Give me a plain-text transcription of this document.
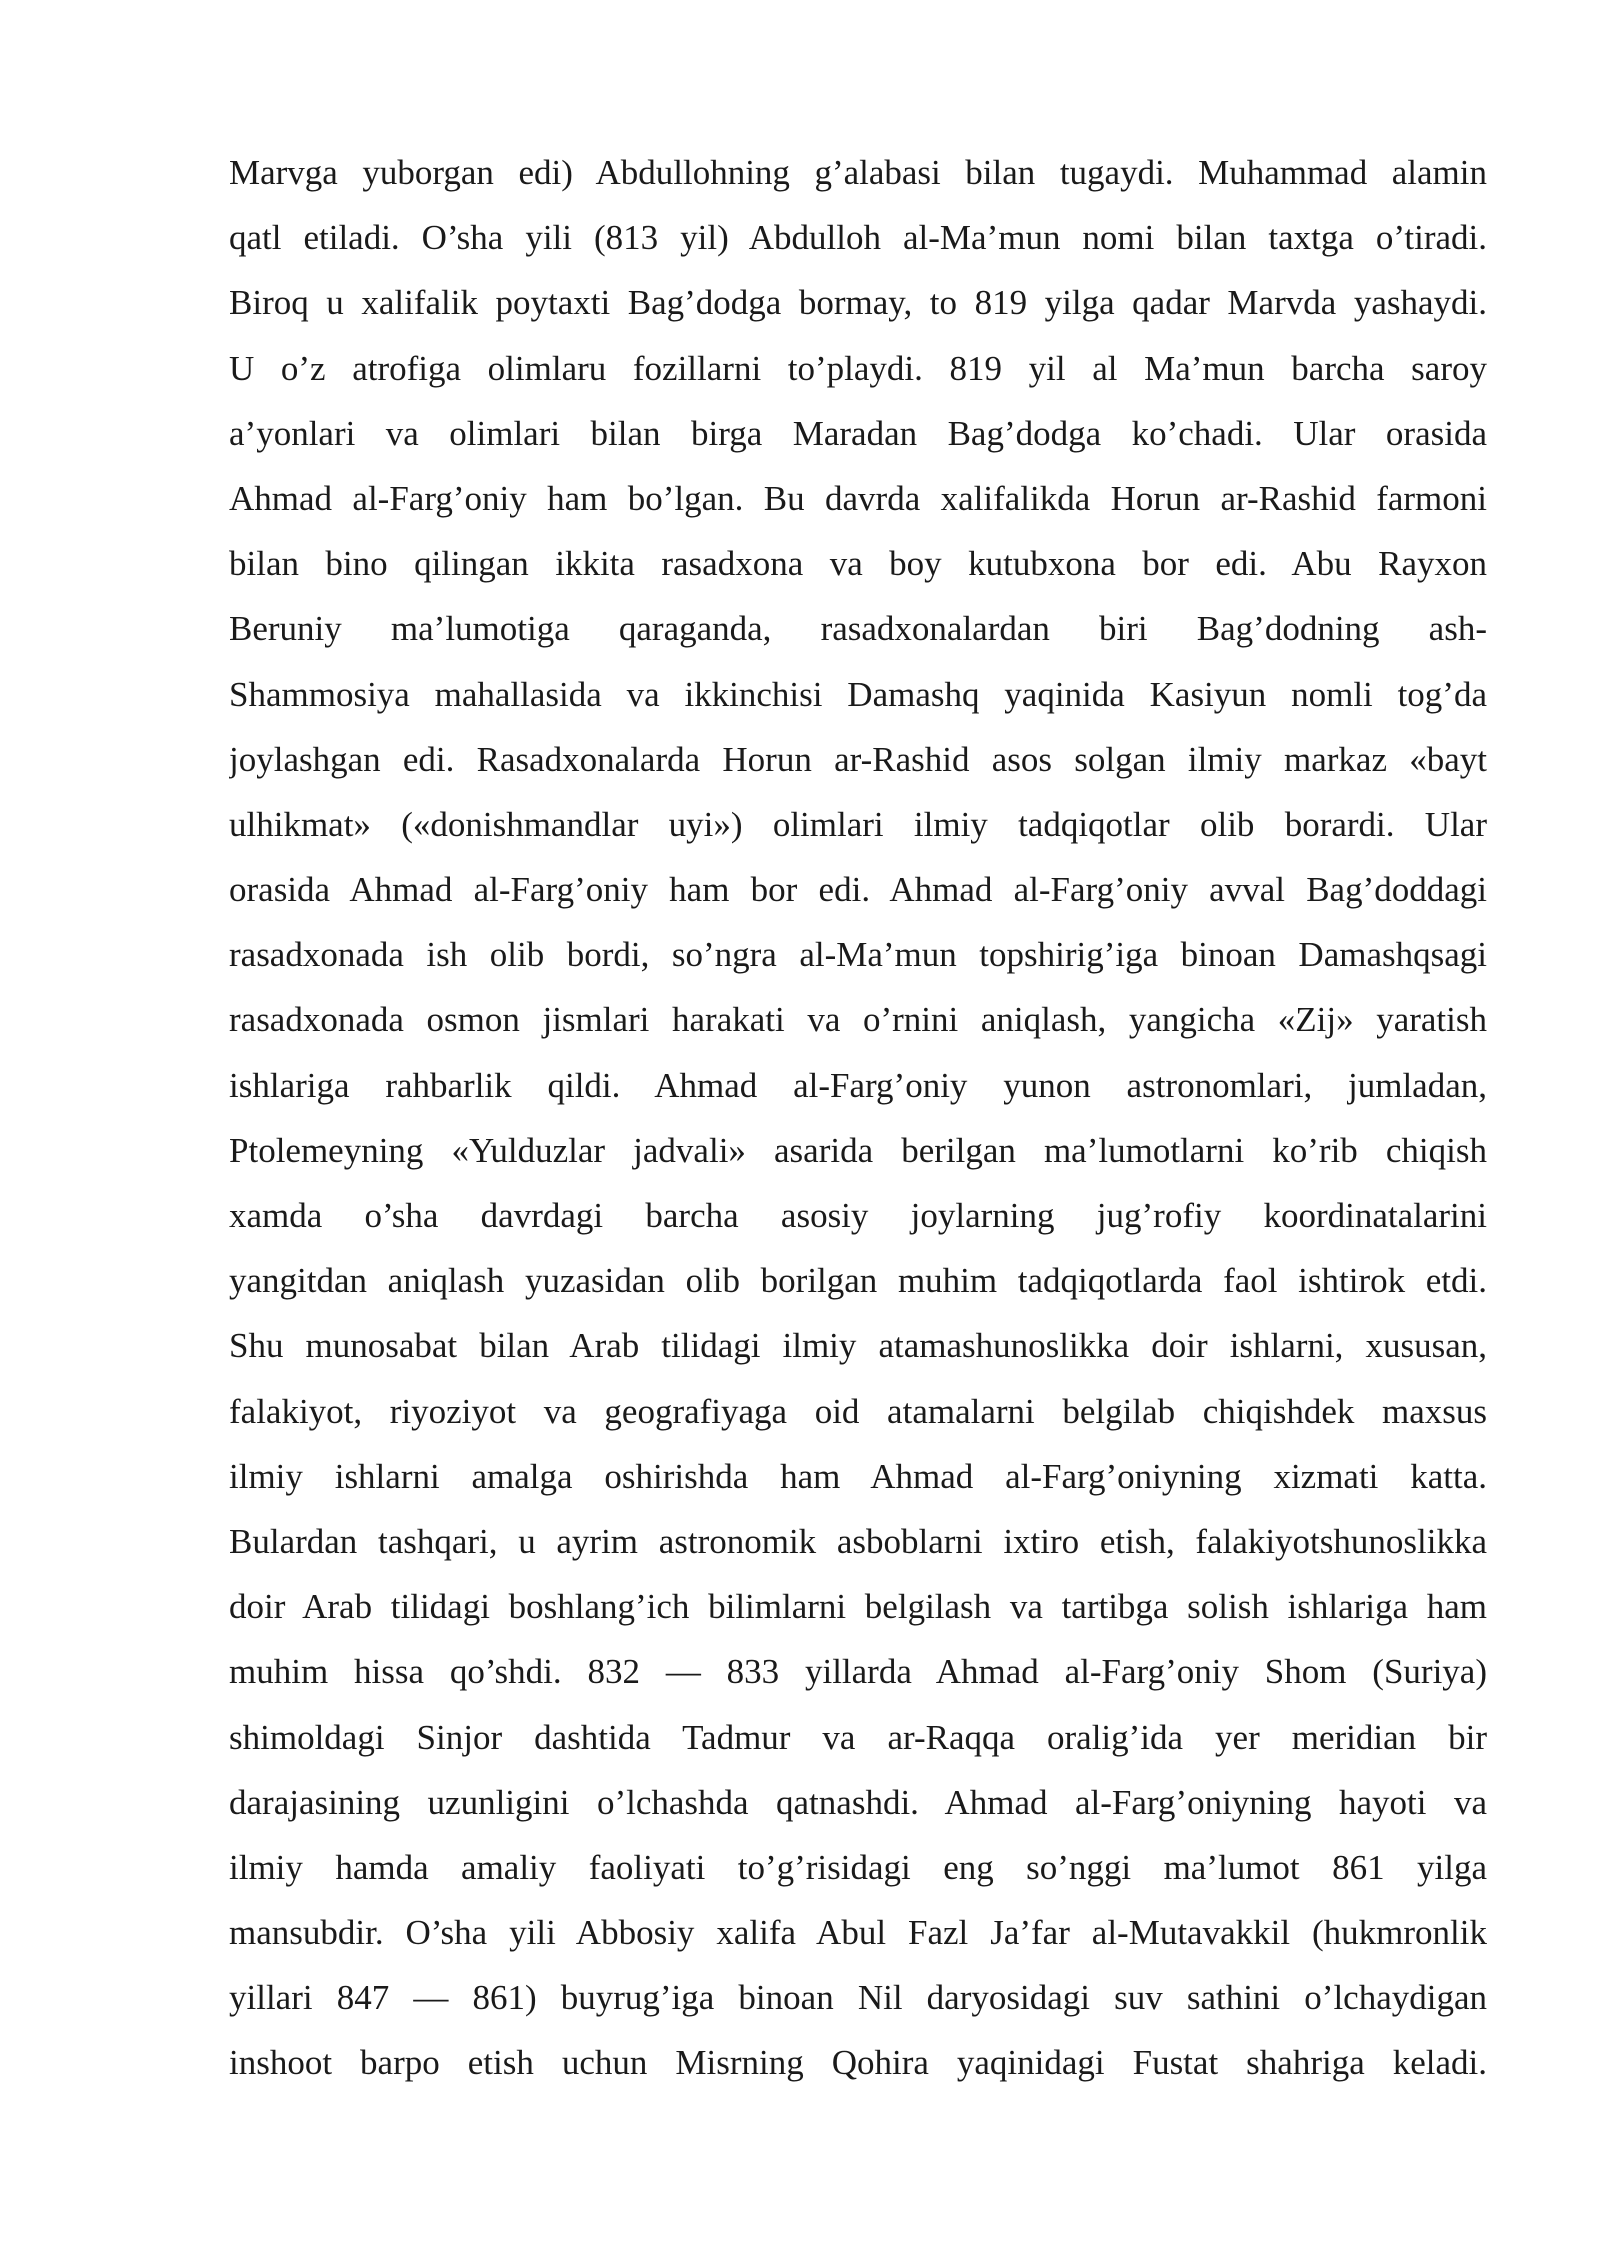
Marvga yuborgan edi) Abdullohning g’alabasi bilan tugaydi. Muhammad alamin
qatl etiladi. O’sha yili (813 yil) Abdulloh al-Ma’mun nomi bilan taxtga o’tiradi.
Biroq u xalifalik poytaxti Bag’dodga bormay, to 819 yilga qadar Marvda yashaydi.
U o’z atrofiga olimlaru fozillarni to’playdi. 819 yil al Ma’mun barcha saroy
a’yonlari va olimlari bilan birga Maradan Bag’dodga ko’chadi. Ular orasida
Ahmad al-Farg’oniy ham bo’lgan. Bu davrda xalifalikda Horun ar-Rashid farmoni
bilan bino qilingan ikkita rasadxona va boy kutubxona bor edi. Abu Rayxon
Beruniy ma’lumotiga qaraganda, rasadxonalardan biri Bag’dodning ash-
Shammosiya mahallasida va ikkinchisi Damashq yaqinida Kasiyun nomli tog’da
joylashgan edi. Rasadxonalarda Horun ar-Rashid asos solgan ilmiy markaz «bayt
ulhikmat» («donishmandlar uyi») olimlari ilmiy tadqiqotlar olib borardi. Ular
orasida Ahmad al-Farg’oniy ham bor edi. Ahmad al-Farg’oniy avval Bag’doddagi
rasadxonada ish olib bordi, so’ngra al-Ma’mun topshirig’iga binoan Damashqsagi
rasadxonada osmon jismlari harakati va o’rnini aniqlash, yangicha «Zij» yaratish
ishlariga rahbarlik qildi. Ahmad al-Farg’oniy yunon astronomlari, jumladan,
Ptolemeyning «Yulduzlar jadvali» asarida berilgan ma’lumotlarni ko’rib chiqish
xamda o’sha davrdagi barcha asosiy joylarning jug’rofiy koordinatalarini
yangitdan aniqlash yuzasidan olib borilgan muhim tadqiqotlarda faol ishtirok etdi.
Shu munosabat bilan Arab tilidagi ilmiy atamashunoslikka doir ishlarni, xususan,
falakiyot, riyoziyot va geografiyaga oid atamalarni belgilab chiqishdek maxsus
ilmiy ishlarni amalga oshirishda ham Ahmad al-Farg’oniyning xizmati katta.
Bulardan tashqari, u ayrim astronomik asboblarni ixtiro etish, falakiyotshunoslikka
doir Arab tilidagi boshlang’ich bilimlarni belgilash va tartibga solish ishlariga ham
muhim hissa qo’shdi. 832 — 833 yillarda Ahmad al-Farg’oniy Shom (Suriya)
shimoldagi Sinjor dashtida Tadmur va ar-Raqqa oralig’ida yer meridian bir
darajasining uzunligini o’lchashda qatnashdi. Ahmad al-Farg’oniyning hayoti va
ilmiy hamda amaliy faoliyati to’g’risidagi eng so’nggi ma’lumot 861 yilga
mansubdir. O’sha yili Abbosiy xalifa Abul Fazl Ja’far al-Mutavakkil (hukmronlik
yillari 847 — 861) buyrug’iga binoan Nil daryosidagi suv sathini o’lchaydigan
inshoot barpo etish uchun Misrning Qohira yaqinidagi Fustat shahriga keladi.
